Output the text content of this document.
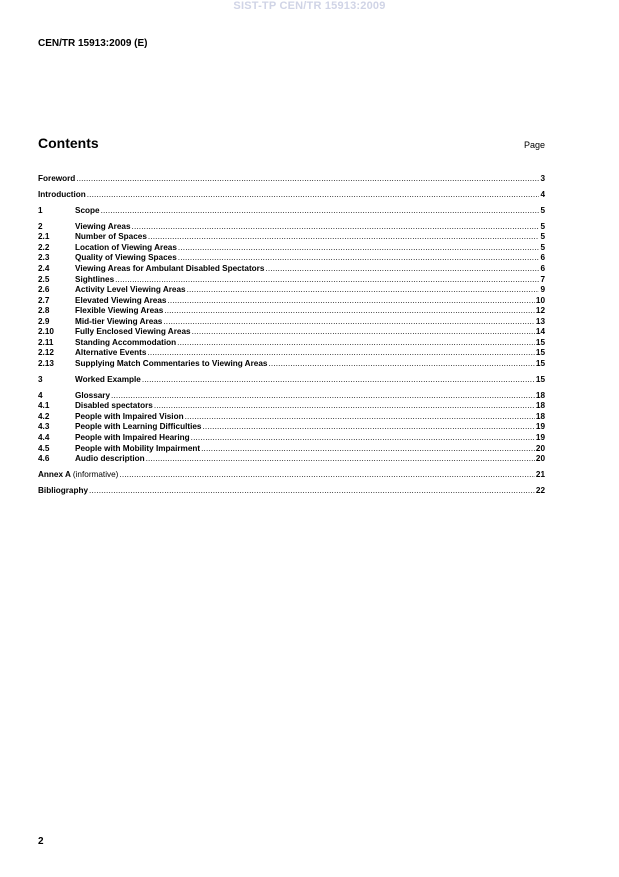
SIST-TP CEN/TR 15913:2009
CEN/TR 15913:2009 (E)
Contents	Page
Foreword .....	3
Introduction .....	4
1	Scope .....	5
2	Viewing Areas .....	5
2.1	Number of Spaces .....	5
2.2	Location of Viewing Areas .....	5
2.3	Quality of Viewing Spaces .....	6
2.4	Viewing Areas for Ambulant Disabled Spectators .....	6
2.5	Sightlines .....	7
2.6	Activity Level Viewing Areas .....	9
2.7	Elevated Viewing Areas .....	10
2.8	Flexible Viewing Areas .....	12
2.9	Mid-tier Viewing Areas .....	13
2.10	Fully Enclosed Viewing Areas .....	14
2.11	Standing Accommodation .....	15
2.12	Alternative Events .....	15
2.13	Supplying Match Commentaries to Viewing Areas .....	15
3	Worked Example .....	15
4	Glossary .....	18
4.1	Disabled spectators .....	18
4.2	People with Impaired Vision .....	18
4.3	People with Learning Difficulties .....	19
4.4	People with Impaired Hearing .....	19
4.5	People with Mobility Impairment .....	20
4.6	Audio description .....	20
Annex A (informative) .....	21
Bibliography .....	22
2
